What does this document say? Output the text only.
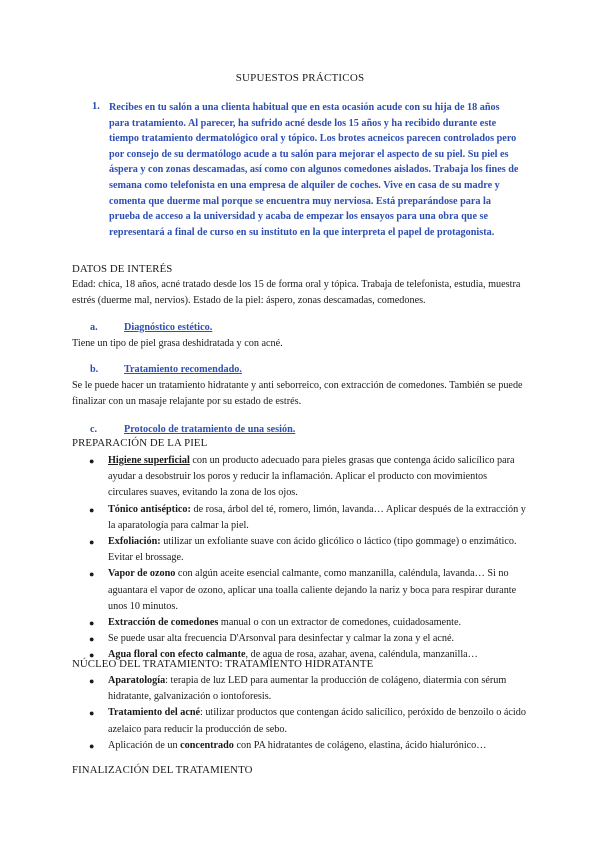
SUPUESTOS PRÁCTICOS
1. Recibes en tu salón a una clienta habitual que en esta ocasión acude con su hija de 18 años para tratamiento. Al parecer, ha sufrido acné desde los 15 años y ha recibido durante este tiempo tratamiento dermatológico oral y tópico. Los brotes acneicos parecen controlados pero por consejo de su dermatólogo acude a tu salón para mejorar el aspecto de su piel. Su piel es áspera y con zonas descamadas, así como con algunos comedones aislados. Trabaja los fines de semana como telefonista en una empresa de alquiler de coches. Vive en casa de su madre y comenta que duerme mal porque se encuentra muy nerviosa. Está preparándose para la prueba de acceso a la universidad y acaba de empezar los ensayos para una obra que se representará a final de curso en su instituto en la que interpreta el papel de protagonista.
DATOS DE INTERÉS
Edad: chica, 18 años, acné tratado desde los 15 de forma oral y tópica. Trabaja de telefonista, estudia, muestra estrés (duerme mal, nervios). Estado de la piel: áspero, zonas descamadas, comedones.
a.	Diagnóstico estético.
Tiene un tipo de piel grasa deshidratada y con acné.
b.	Tratamiento recomendado.
Se le puede hacer un tratamiento hidratante y anti seborreico, con extracción de comedones. También se puede finalizar con un masaje relajante por su estado de estrés.
c.	Protocolo de tratamiento de una sesión.
PREPARACIÓN DE LA PIEL
● Higiene superficial con un producto adecuado para pieles grasas que contenga ácido salicílico para ayudar a desobstruir los poros y reducir la inflamación. Aplicar el producto con movimientos circulares suaves, evitando la zona de los ojos.
● Tónico antiséptico: de rosa, árbol del té, romero, limón, lavanda… Aplicar después de la extracción y la aparatología para calmar la piel.
● Exfoliación: utilizar un exfoliante suave con ácido glicólico o láctico (tipo gommage) o enzimático. Evitar el brossage.
● Vapor de ozono con algún aceite esencial calmante, como manzanilla, caléndula, lavanda… Si no aguantara el vapor de ozono, aplicar una toalla caliente dejando la nariz y boca para respirar durante unos 10 minutos.
● Extracción de comedones manual o con un extractor de comedones, cuidadosamente.
● Se puede usar alta frecuencia D'Arsonval para desinfectar y calmar la zona y el acné.
● Agua floral con efecto calmante, de agua de rosa, azahar, avena, caléndula, manzanilla…
NÚCLEO DEL TRATAMIENTO: TRATAMIENTO HIDRATANTE
● Aparatología: terapia de luz LED para aumentar la producción de colágeno, diatermia con sérum hidratante, galvanización o iontoforesis.
● Tratamiento del acné: utilizar productos que contengan ácido salicílico, peróxido de benzoilo o ácido azelaico para reducir la producción de sebo.
● Aplicación de un concentrado con PA hidratantes de colágeno, elastina, ácido hialurónico…
FINALIZACIÓN DEL TRATAMIENTO
